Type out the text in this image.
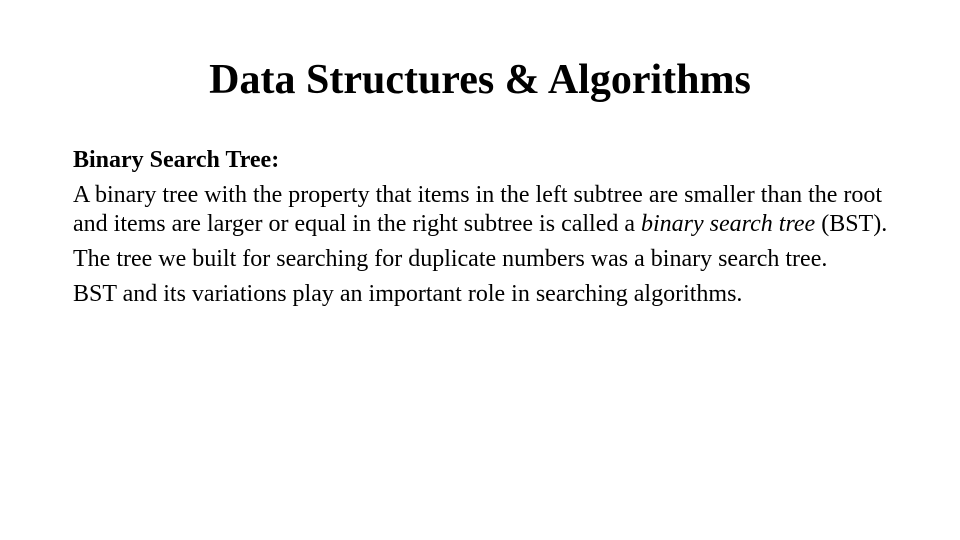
Data Structures & Algorithms

Binary Search Tree:

A binary tree with the property that items in the left subtree are smaller than the root and items are larger or equal in the right subtree is called a binary search tree (BST).

The tree we built for searching for duplicate numbers was a binary search tree.

BST and its variations play an important role in searching algorithms.
